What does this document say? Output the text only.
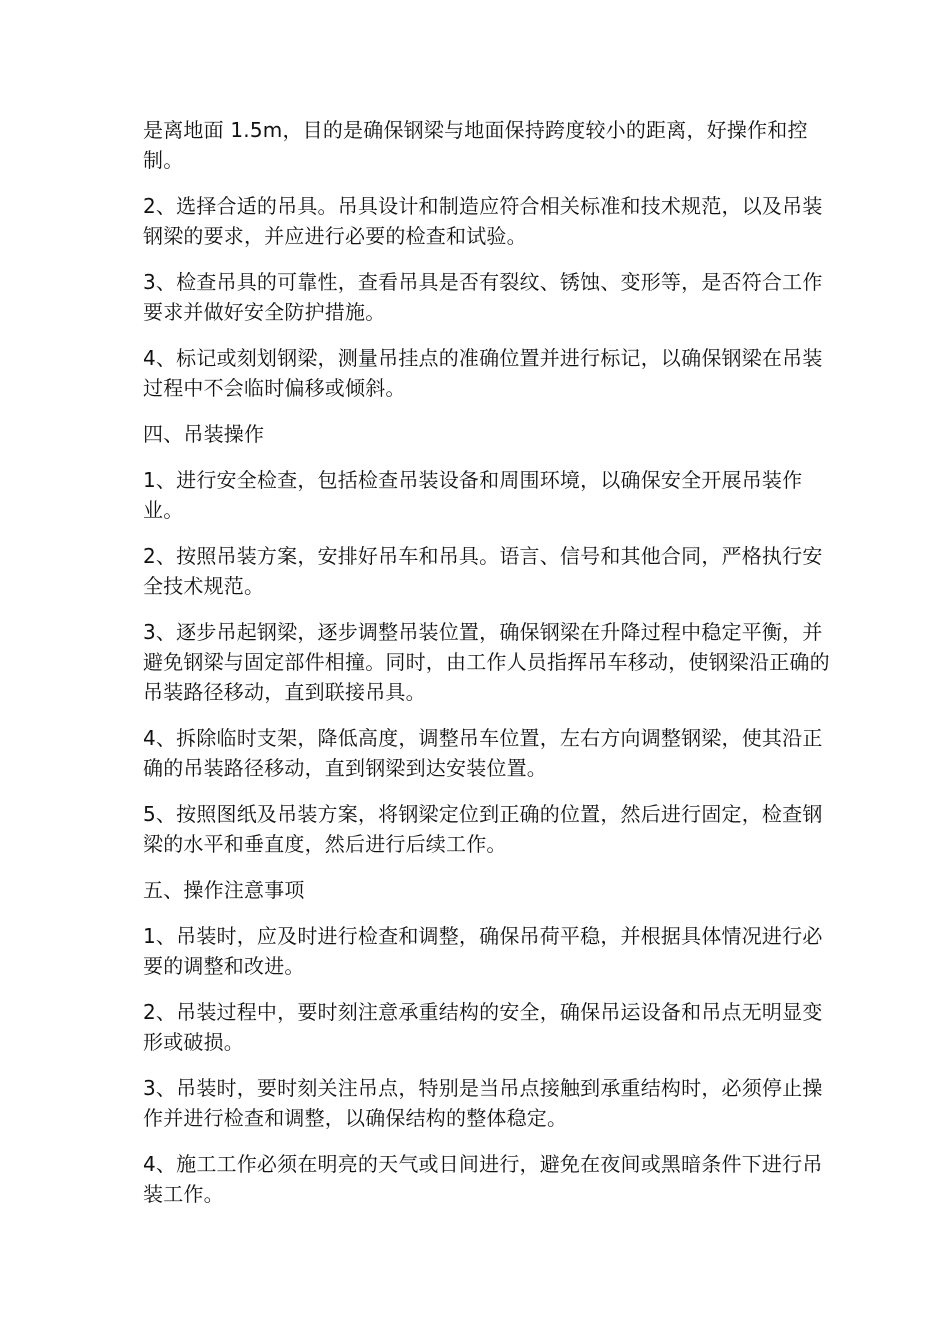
是离地面 1.5m，目的是确保钢梁与地面保持跨度较小的距离，好操作和控制。

2、选择合适的吊具。吊具设计和制造应符合相关标准和技术规范，以及吊装钢梁的要求，并应进行必要的检查和试验。

3、检查吊具的可靠性，查看吊具是否有裂纹、锈蚀、变形等，是否符合工作要求并做好安全防护措施。

4、标记或刻划钢梁，测量吊挂点的准确位置并进行标记，以确保钢梁在吊装过程中不会临时偏移或倾斜。

四、吊装操作

1、进行安全检查，包括检查吊装设备和周围环境，以确保安全开展吊装作业。

2、按照吊装方案，安排好吊车和吊具。语言、信号和其他合同，严格执行安全技术规范。

3、逐步吊起钢梁，逐步调整吊装位置，确保钢梁在升降过程中稳定平衡，并避免钢梁与固定部件相撞。同时，由工作人员指挥吊车移动，使钢梁沿正确的吊装路径移动，直到联接吊具。

4、拆除临时支架，降低高度，调整吊车位置，左右方向调整钢梁，使其沿正确的吊装路径移动，直到钢梁到达安装位置。

5、按照图纸及吊装方案，将钢梁定位到正确的位置，然后进行固定，检查钢梁的水平和垂直度，然后进行后续工作。

五、操作注意事项

1、吊装时，应及时进行检查和调整，确保吊荷平稳，并根据具体情况进行必要的调整和改进。

2、吊装过程中，要时刻注意承重结构的安全，确保吊运设备和吊点无明显变形或破损。

3、吊装时，要时刻关注吊点，特别是当吊点接触到承重结构时，必须停止操作并进行检查和调整，以确保结构的整体稳定。

4、施工工作必须在明亮的天气或日间进行，避免在夜间或黑暗条件下进行吊装工作。
